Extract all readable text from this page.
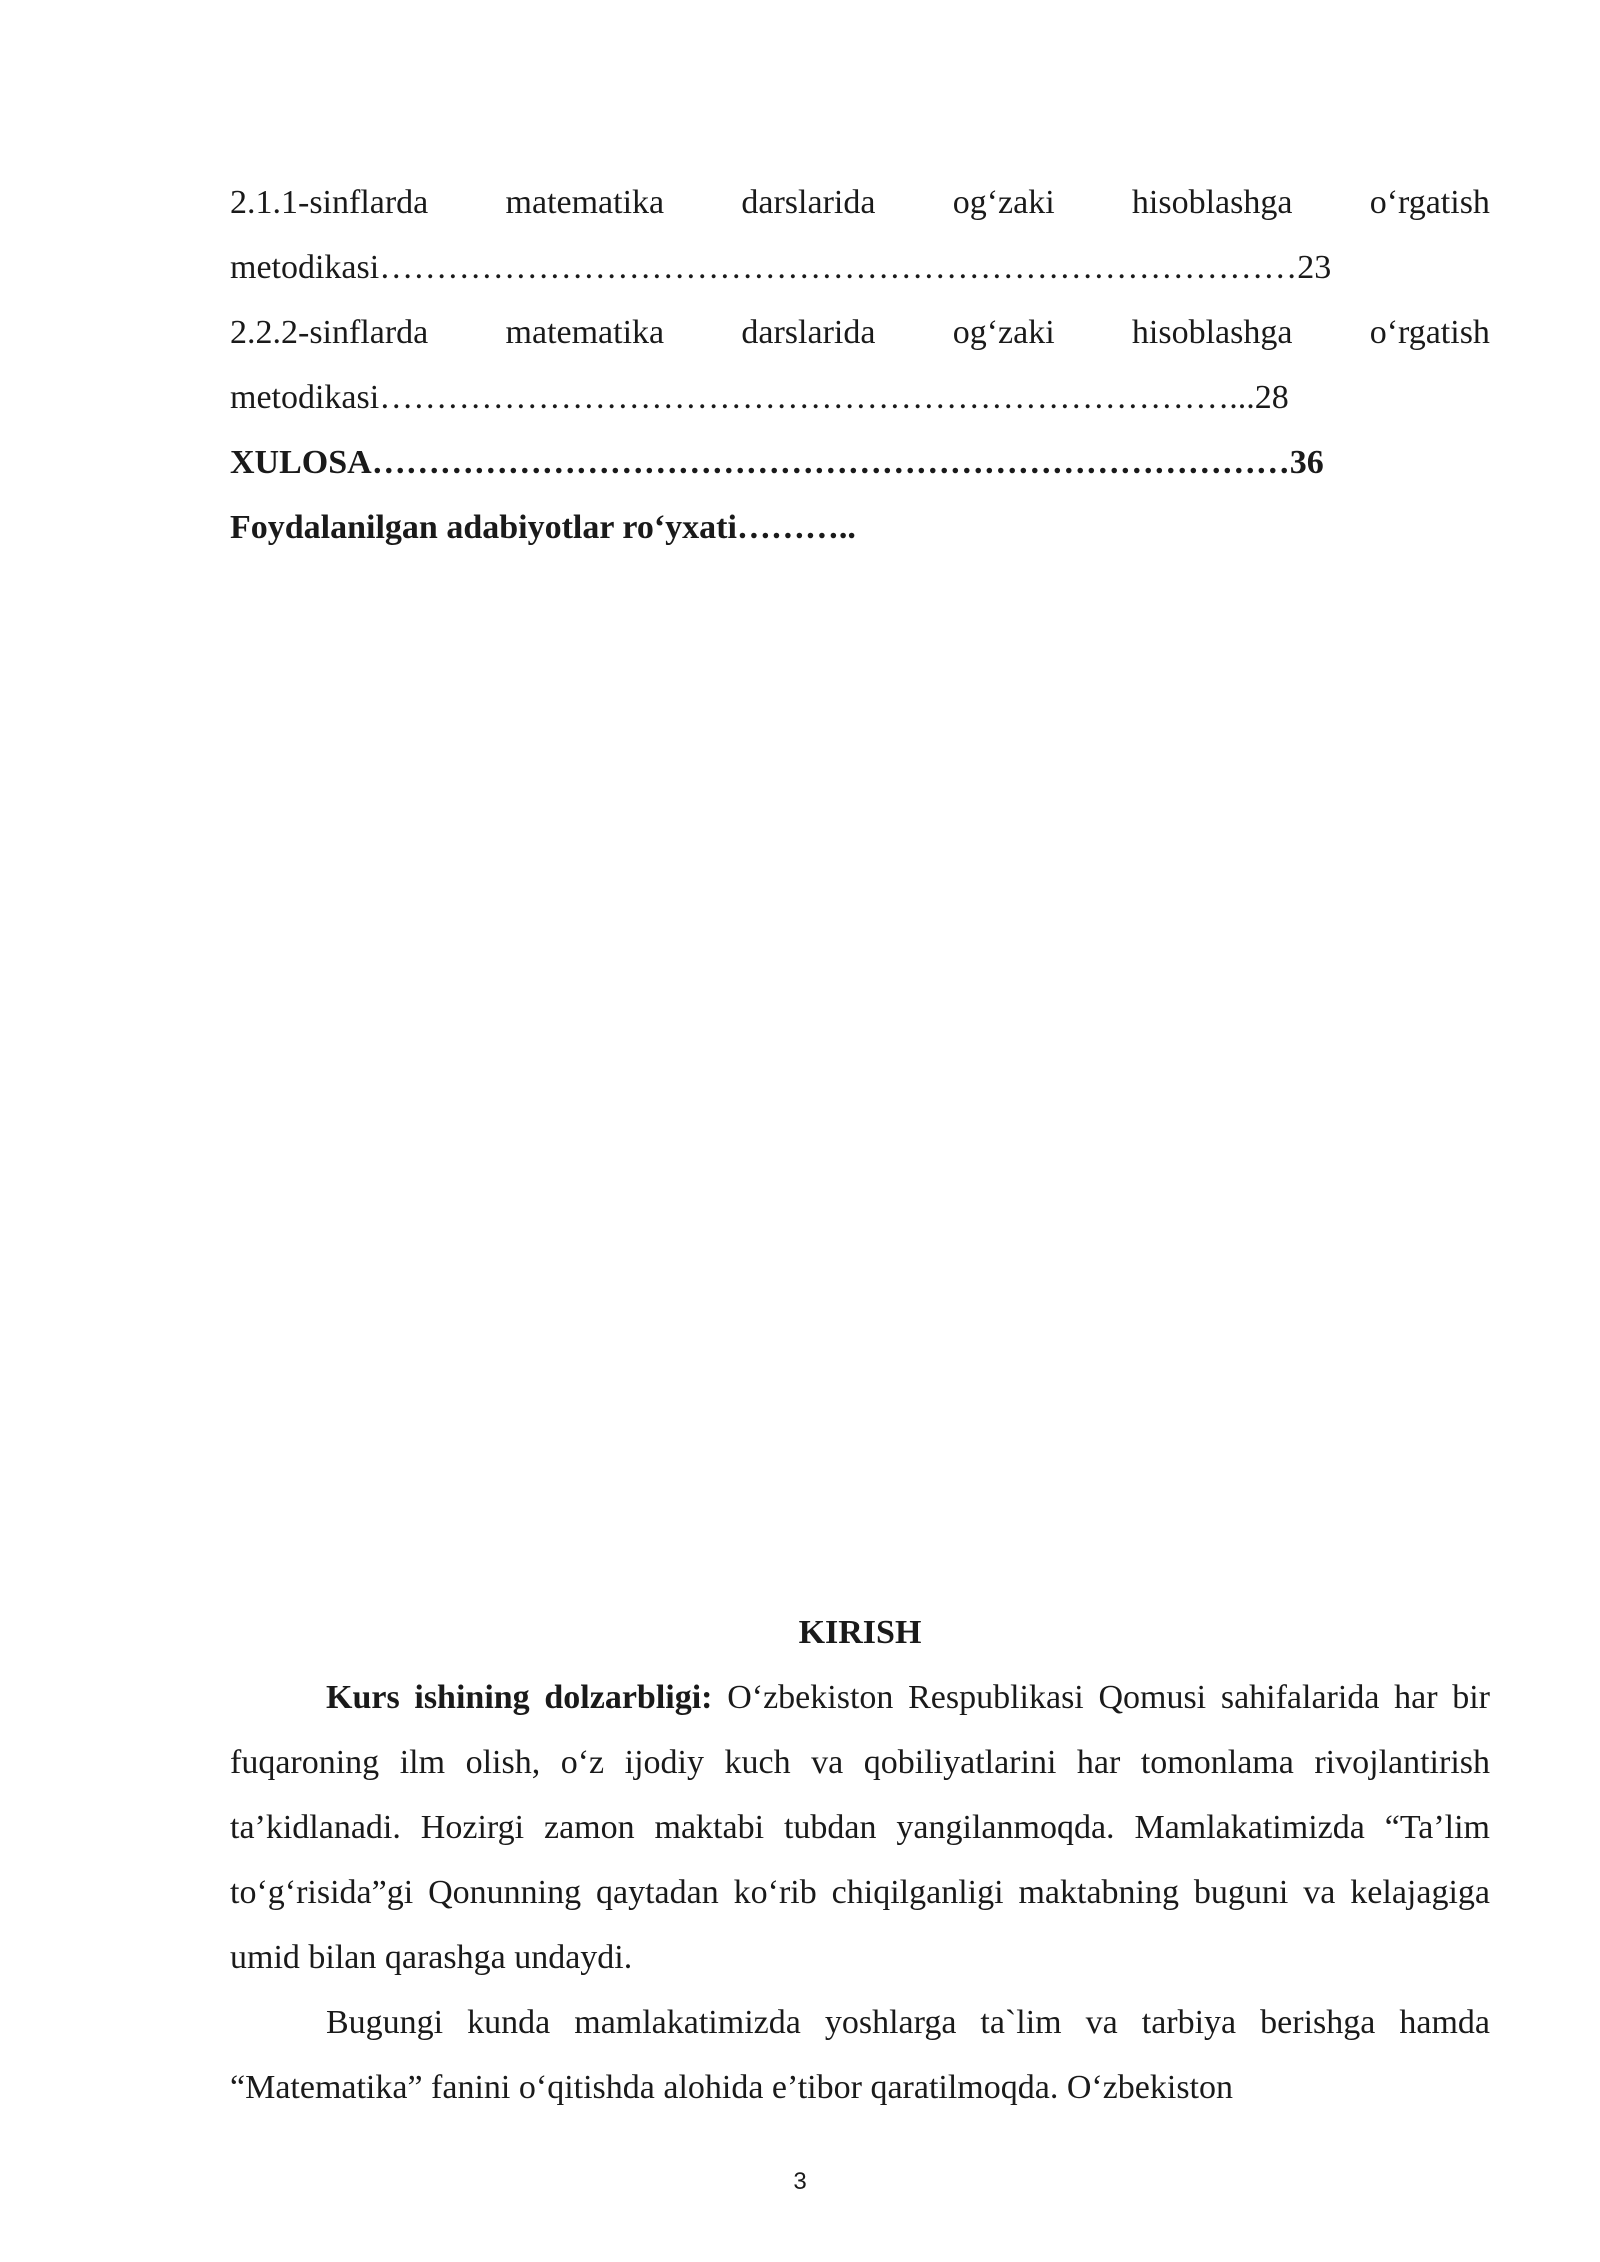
2.1.1-sinflarda matematika darslarida og‘zaki hisoblashga o‘rgatish
metodikasi………………………………………………………………………23
2.2.2-sinflarda matematika darslarida og‘zaki hisoblashga o‘rgatish
metodikasi…………………………………………………………………...28
XULOSA………………………………………………………………………36
Foydalanilgan adabiyotlar ro‘yxati………..
KIRISH

Kurs ishining dolzarbligi: O‘zbekiston Respublikasi Qomusi sahifalarida har bir fuqaroning ilm olish, o‘z ijodiy kuch va qobiliyatlarini har tomonlama rivojlantirish ta’kidlanadi. Hozirgi zamon maktabi tubdan yangilanmoqda. Mamlakatimizda “Ta’lim to‘g‘risida”gi Qonunning qaytadan ko‘rib chiqilganligi maktabning buguni va kelajagiga umid bilan qarashga undaydi.

Bugungi kunda mamlakatimizda yoshlarga ta`lim va tarbiya berishga hamda “Matematika” fanini o‘qitishda alohida e’tibor qaratilmoqda. O‘zbekiston

3
